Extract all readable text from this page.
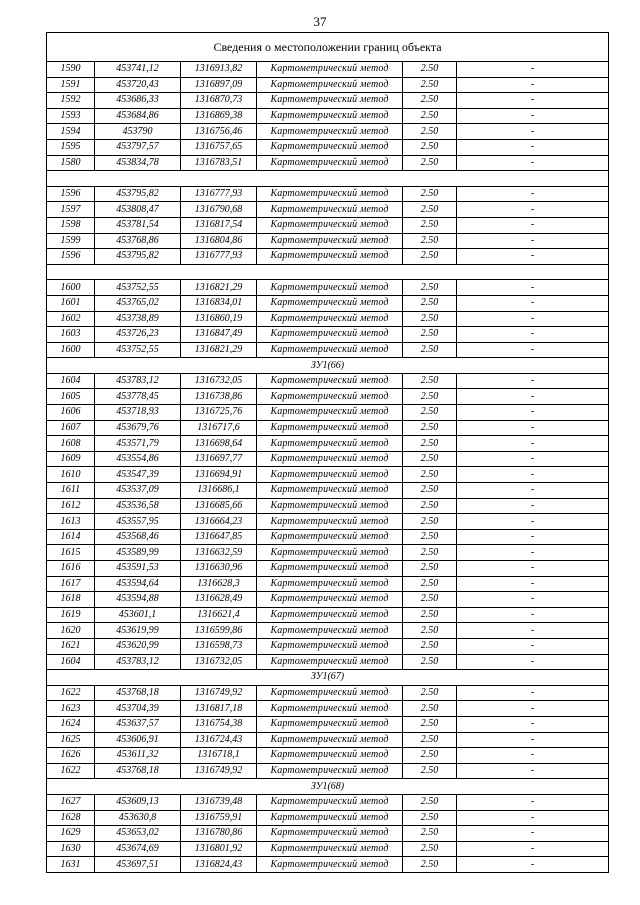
37
Сведения о местоположении границ объекта					
1590	453741,12	1316913,82	Картометрический метод	2.50	-
1591	453720,43	1316897,09	Картометрический метод	2.50	-
1592	453686,33	1316870,73	Картометрический метод	2.50	-
1593	453684,86	1316869,38	Картометрический метод	2.50	-
1594	453790	1316756,46	Картометрический метод	2.50	-
1595	453797,57	1316757,65	Картометрический метод	2.50	-
1580	453834,78	1316783,51	Картометрический метод	2.50	-

1596	453795,82	1316777,93	Картометрический метод	2.50	-
1597	453808,47	1316790,68	Картометрический метод	2.50	-
1598	453781,54	1316817,54	Картометрический метод	2.50	-
1599	453768,86	1316804,86	Картометрический метод	2.50	-
1596	453795,82	1316777,93	Картометрический метод	2.50	-

1600	453752,55	1316821,29	Картометрический метод	2.50	-
1601	453765,02	1316834,01	Картометрический метод	2.50	-
1602	453738,89	1316860,19	Картометрический метод	2.50	-
1603	453726,23	1316847,49	Картометрический метод	2.50	-
1600	453752,55	1316821,29	Картометрический метод	2.50	-
ЗУ1(66)					
1604	453783,12	1316732,05	Картометрический метод	2.50	-
1605	453778,45	1316738,86	Картометрический метод	2.50	-
1606	453718,93	1316725,76	Картометрический метод	2.50	-
1607	453679,76	1316717,6	Картометрический метод	2.50	-
1608	453571,79	1316698,64	Картометрический метод	2.50	-
1609	453554,86	1316697,77	Картометрический метод	2.50	-
1610	453547,39	1316694,91	Картометрический метод	2.50	-
1611	453537,09	1316686,1	Картометрический метод	2.50	-
1612	453536,58	1316685,66	Картометрический метод	2.50	-
1613	453557,95	1316664,23	Картометрический метод	2.50	-
1614	453568,46	1316647,85	Картометрический метод	2.50	-
1615	453589,99	1316632,59	Картометрический метод	2.50	-
1616	453591,53	1316630,96	Картометрический метод	2.50	-
1617	453594,64	1316628,3	Картометрический метод	2.50	-
1618	453594,88	1316628,49	Картометрический метод	2.50	-
1619	453601,1	1316621,4	Картометрический метод	2.50	-
1620	453619,99	1316599,86	Картометрический метод	2.50	-
1621	453620,99	1316598,73	Картометрический метод	2.50	-
1604	453783,12	1316732,05	Картометрический метод	2.50	-
ЗУ1(67)					
1622	453768,18	1316749,92	Картометрический метод	2.50	-
1623	453704,39	1316817,18	Картометрический метод	2.50	-
1624	453637,57	1316754,38	Картометрический метод	2.50	-
1625	453606,91	1316724,43	Картометрический метод	2.50	-
1626	453611,32	1316718,1	Картометрический метод	2.50	-
1622	453768,18	1316749,92	Картометрический метод	2.50	-
ЗУ1(68)					
1627	453609,13	1316739,48	Картометрический метод	2.50	-
1628	453630,8	1316759,91	Картометрический метод	2.50	-
1629	453653,02	1316780,86	Картометрический метод	2.50	-
1630	453674,69	1316801,92	Картометрический метод	2.50	-
1631	453697,51	1316824,43	Картометрический метод	2.50	-
